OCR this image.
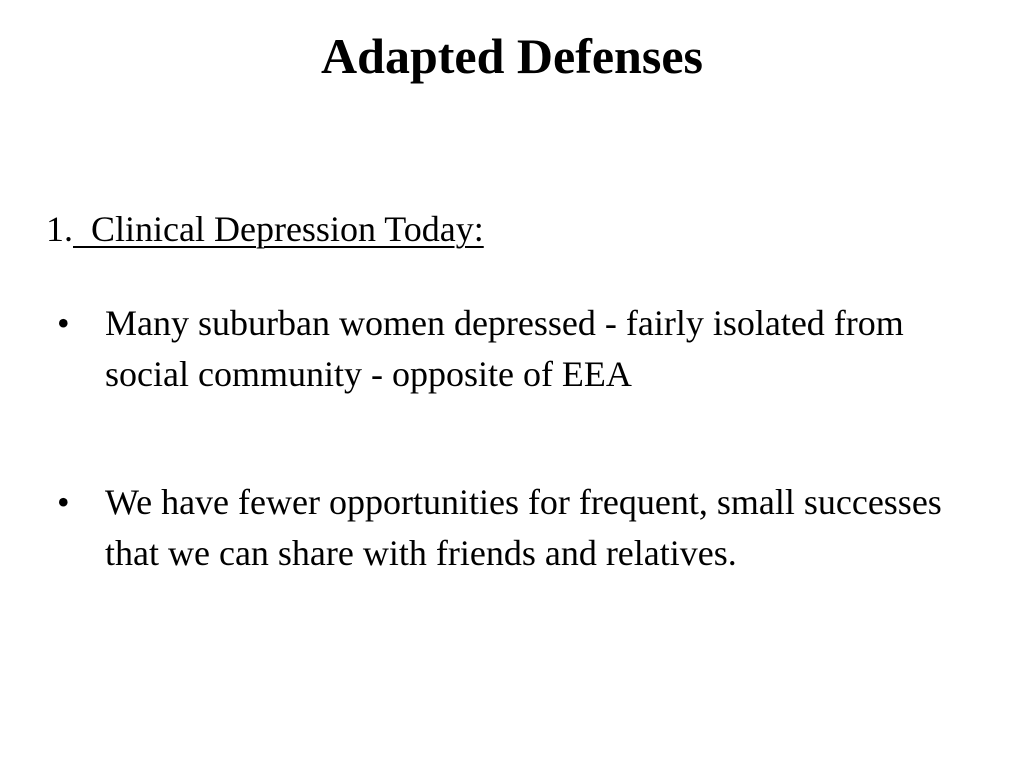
Adapted Defenses
1.  Clinical Depression Today:
• Many suburban women depressed - fairly isolated from social community - opposite of EEA
• We have fewer opportunities for frequent, small successes that we can share with friends and relatives.
